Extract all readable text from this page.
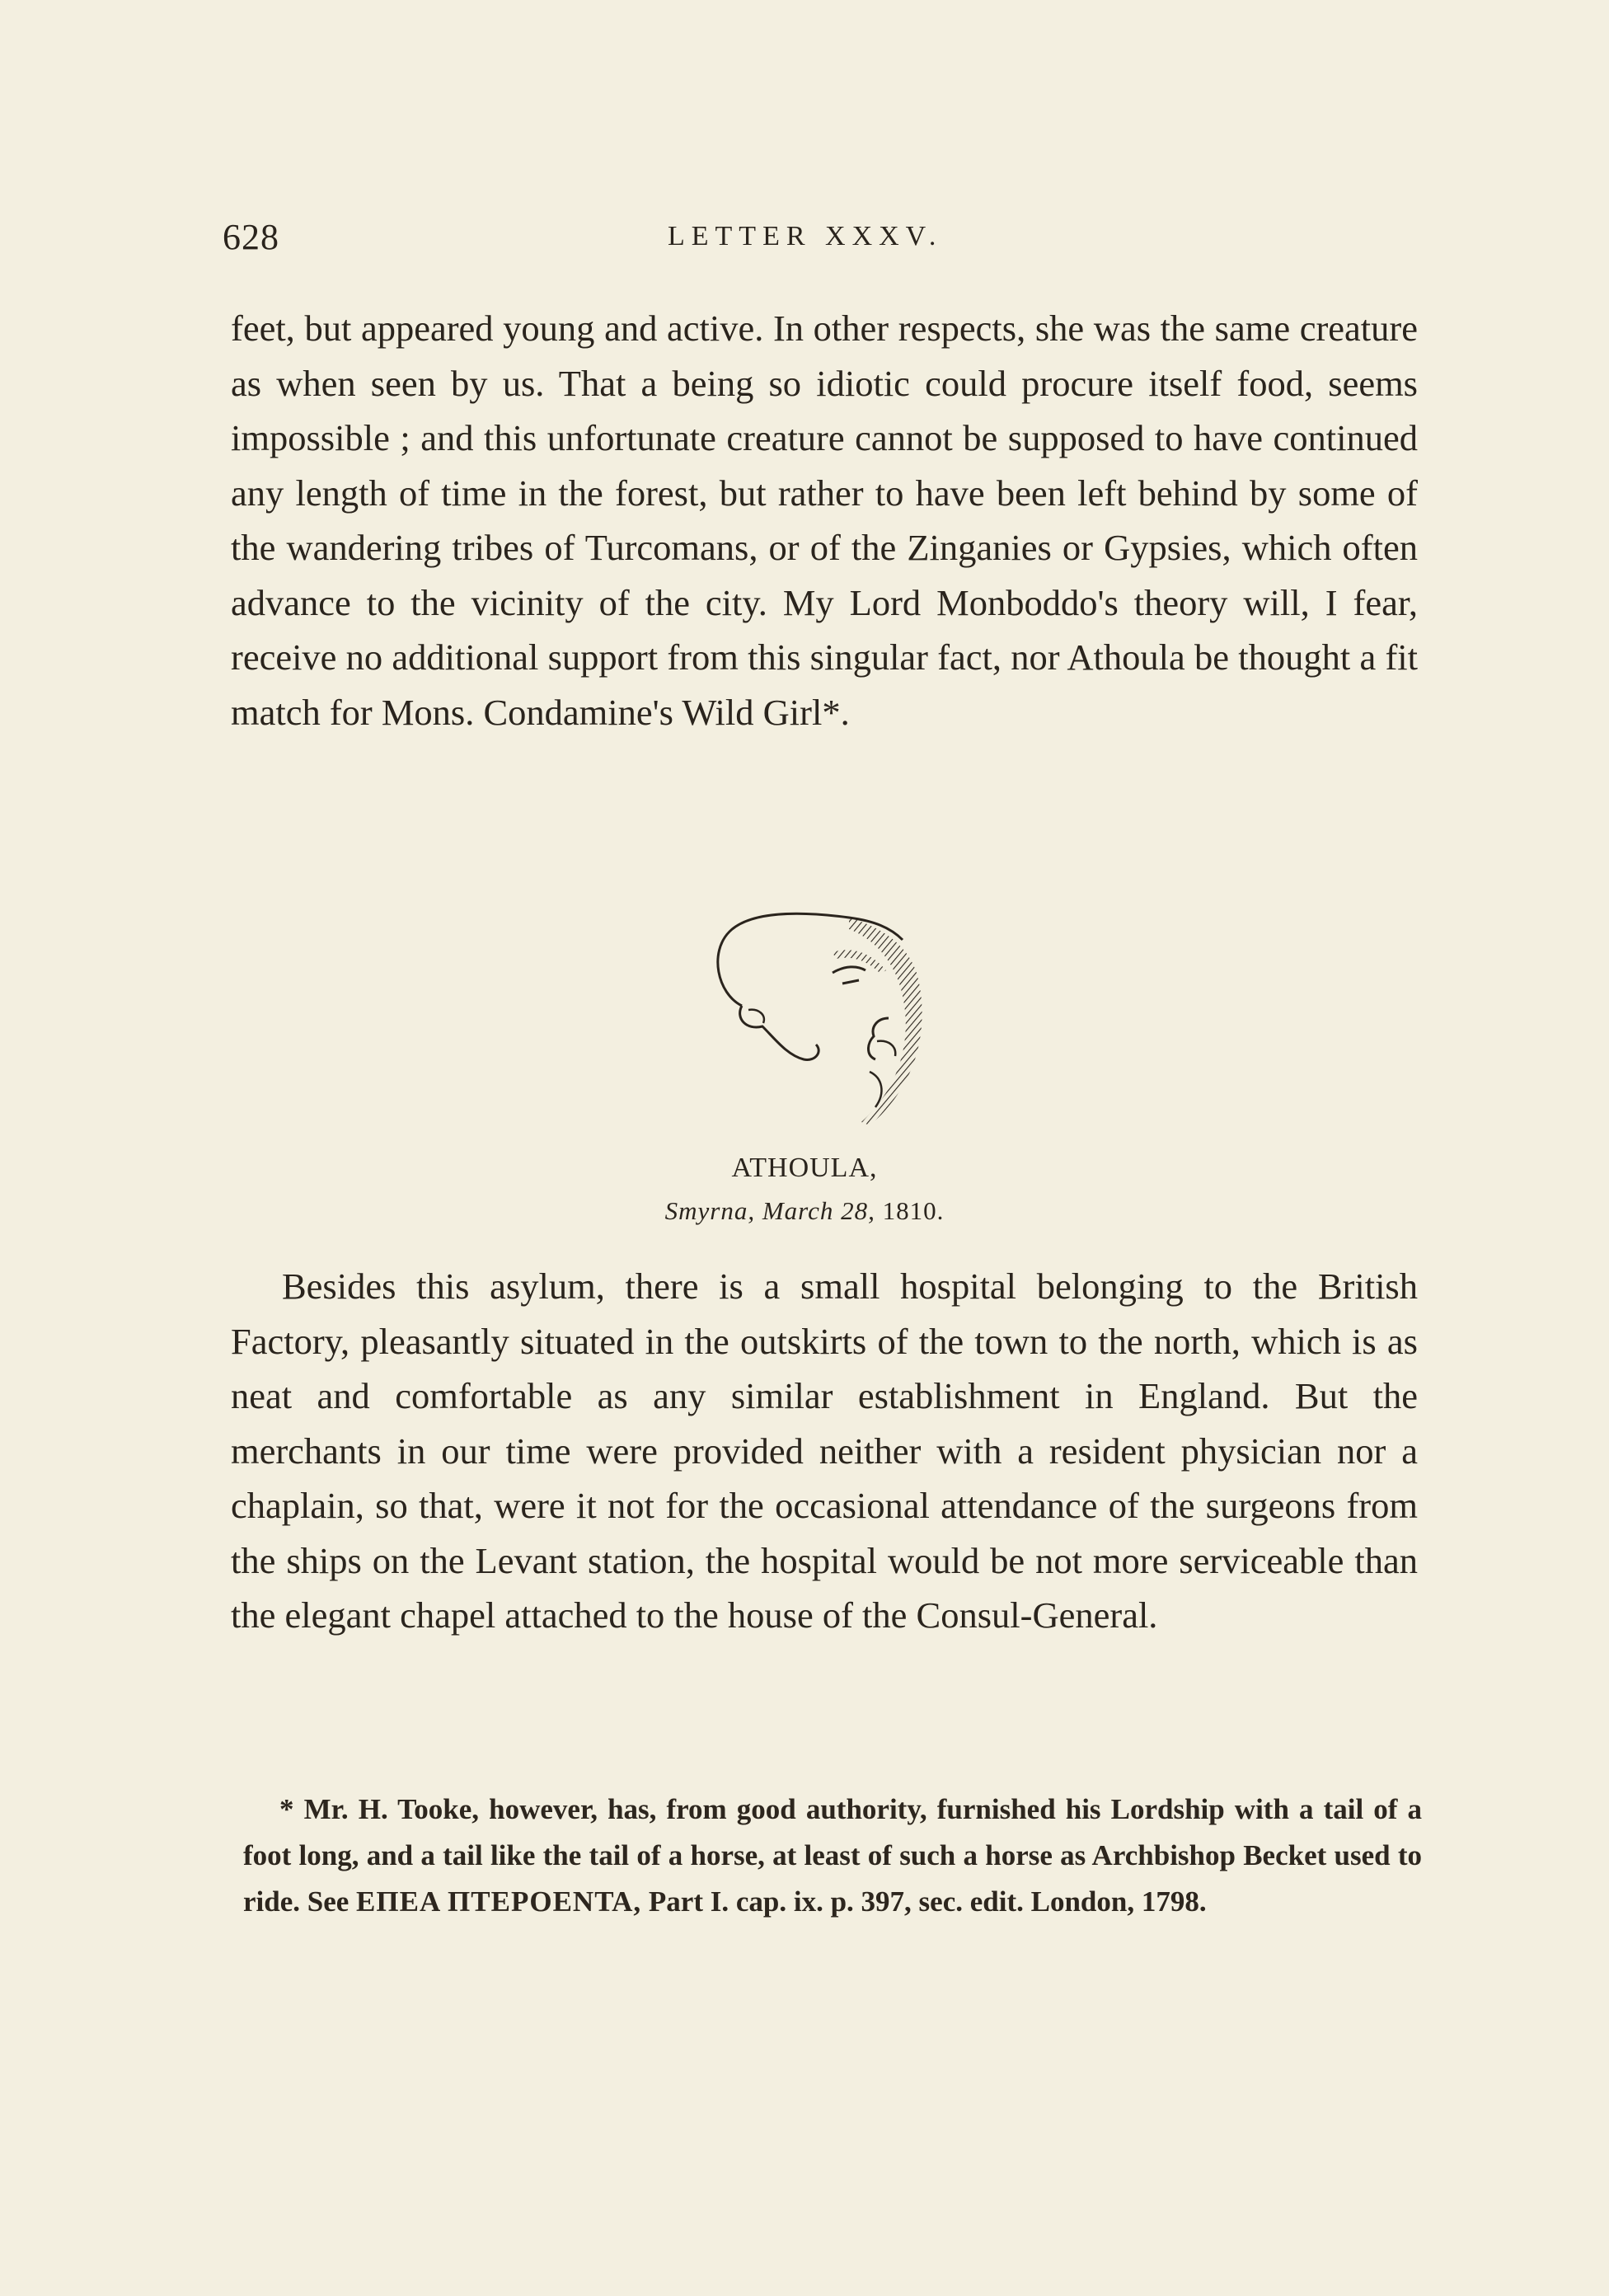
628	LETTER XXXV.

feet, but appeared young and active. In other respects, she was the same creature as when seen by us. That a being so idiotic could procure itself food, seems impossible ; and this unfortunate creature cannot be supposed to have continued any length of time in the forest, but rather to have been left behind by some of the wandering tribes of Turcomans, or of the Zinganies or Gypsies, which often advance to the vicinity of the city. My Lord Monboddo's theory will, I fear, receive no additional support from this singular fact, nor Athoula be thought a fit match for Mons. Condamine's Wild Girl*.

ATHOULA,
Smyrna, March 28, 1810.

Besides this asylum, there is a small hospital belonging to the British Factory, pleasantly situated in the outskirts of the town to the north, which is as neat and comfortable as any similar establishment in England. But the merchants in our time were provided neither with a resident physician nor a chaplain, so that, were it not for the occasional attendance of the surgeons from the ships on the Levant station, the hospital would be not more serviceable than the elegant chapel attached to the house of the Consul-General.

* Mr. H. Tooke, however, has, from good authority, furnished his Lordship with a tail of a foot long, and a tail like the tail of a horse, at least of such a horse as Archbishop Becket used to ride. See ΕΠΕΑ ΠΤΕΡΟΕΝΤΑ, Part I. cap. ix. p. 397, sec. edit. London, 1798.
